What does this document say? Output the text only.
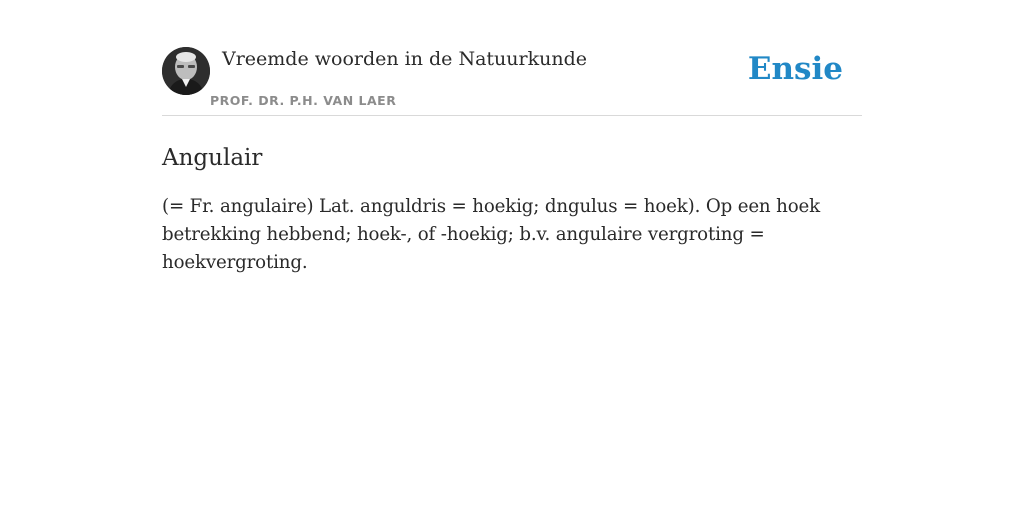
Vreemde woorden in de Natuurkunde
PROF. DR. P.H. VAN LAER
Ensie
Angulair

(= Fr. angulaire) Lat. anguldris = hoekig; dngulus = hoek). Op een hoek betrekking hebbend; hoek-, of -hoekig; b.v. angulaire vergroting = hoekvergroting.
